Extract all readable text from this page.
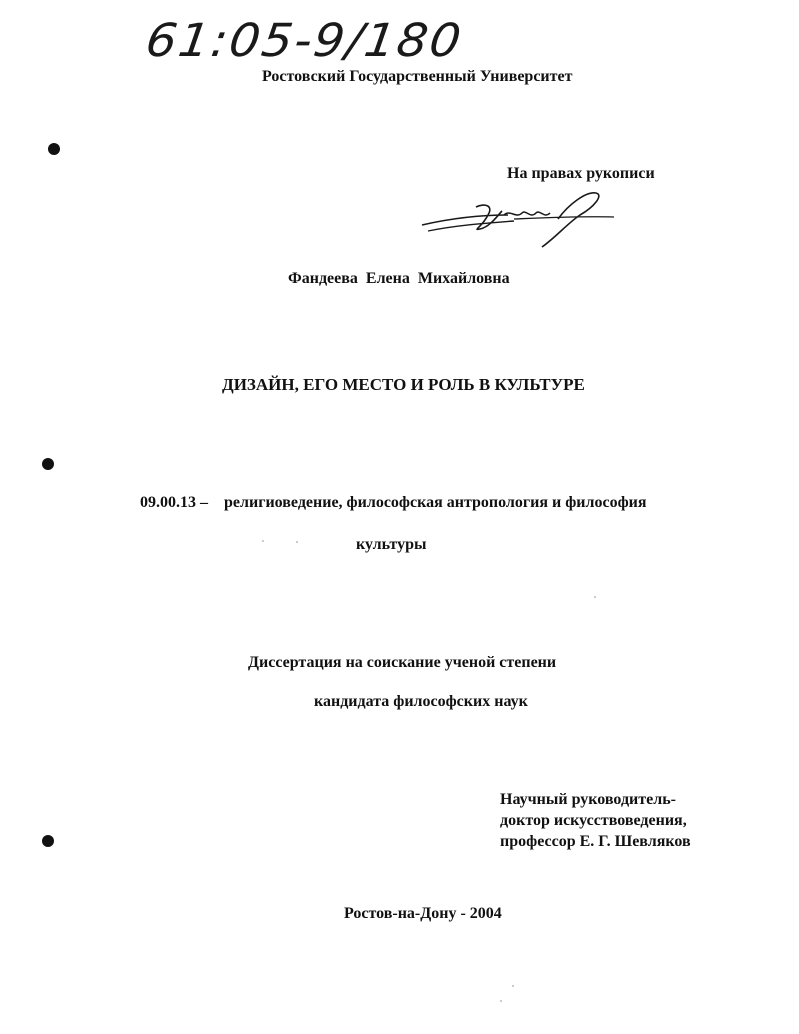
61:05-9/180
Ростовский Государственный Университет
На правах рукописи
Фандеева Елена Михайловна
ДИЗАЙН, ЕГО МЕСТО И РОЛЬ В КУЛЬТУРЕ
09.00.13 – религиоведение, философская антропология и философия
культуры
Диссертация на соискание ученой степени
кандидата философских наук
Научный руководитель-
доктор искусствоведения,
профессор Е. Г. Шевляков
Ростов-на-Дону - 2004
